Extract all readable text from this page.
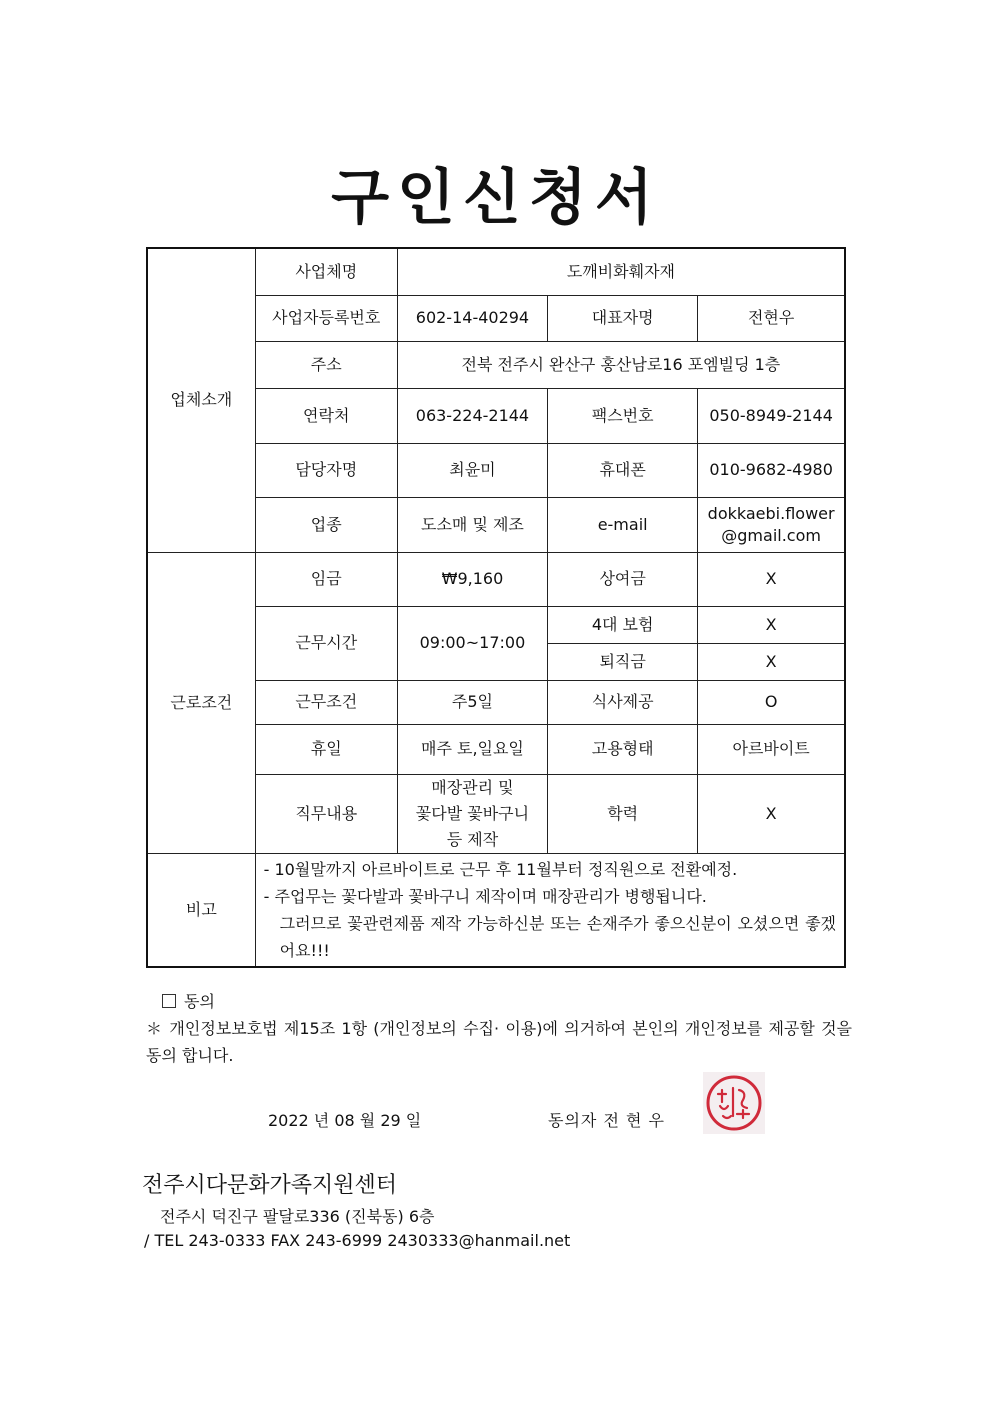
구인신청서
업체소개	사업체명	도깨비화훼자재		
	사업자등록번호	602-14-40294	대표자명	전현우
	주소	전북 전주시 완산구 홍산남로16 포엠빌딩 1층		
	연락처	063-224-2144	팩스번호	050-8949-2144
	담당자명	최윤미	휴대폰	010-9682-4980
	업종	도소매 및 제조	e-mail	dokkaebi.flower
@gmail.com

근로조건	임금	₩9,160	상여금	X
	근무시간	09:00~17:00	4대 보험	X
			퇴직금	X
	근무조건	주5일	식사제공	O
	휴일	매주 토,일요일	고용형태	아르바이트
	직무내용	매장관리 및
꽃다발 꽃바구니
등 제작	학력	X

비고	- 10월말까지 아르바이트로 근무 후 11월부터 정직원으로 전환예정.
- 주업무는 꽃다발과 꽃바구니 제작이며 매장관리가 병행됩니다.
그러므로 꽃관련제품 제작 가능하신분 또는 손재주가 좋으신분이 오셨으면 좋겠어요!!!			
동의
＊ 개인정보보호법 제15조 1항 (개인정보의 수집· 이용)에 의거하여 본인의 개인정보를 제공할 것을 동의 합니다.
2022 년 08 월 29 일	동의자 전 현 우
전주시다문화가족지원센터
전주시 덕진구 팔달로336 (진북동) 6층
/ TEL 243-0333 FAX 243-6999 2430333@hanmail.net
